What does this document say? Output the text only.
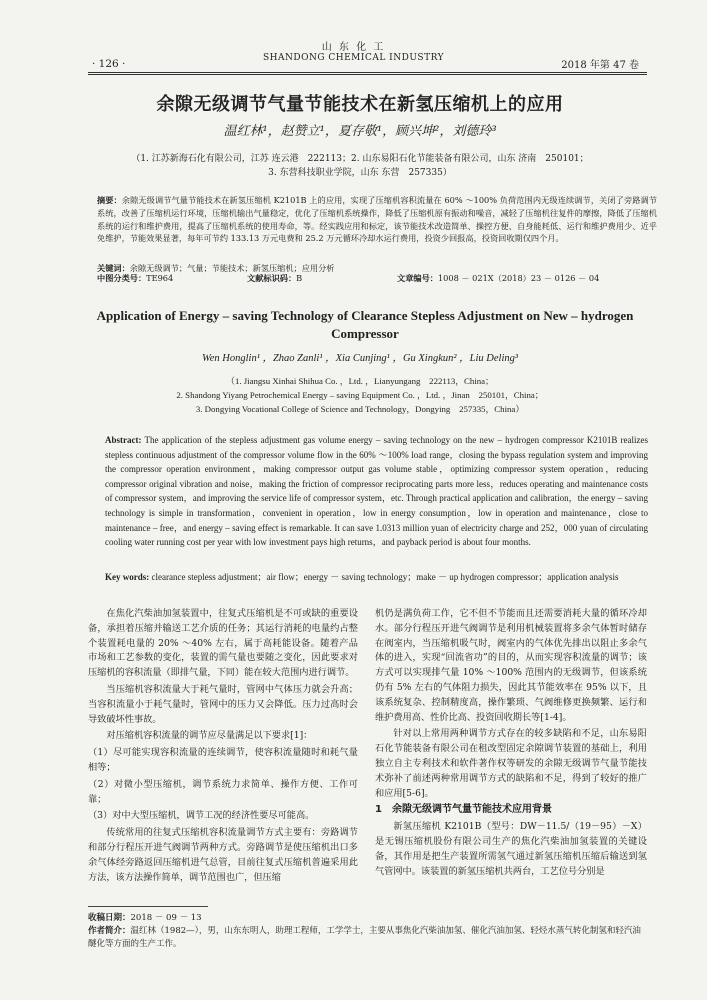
山 东 化 工
SHANDONG CHEMICAL INDUSTRY
· 126 ·	2018 年第 47 卷
余隙无级调节气量节能技术在新氢压缩机上的应用
温红林¹，赵赞立¹，夏存敬¹，顾兴坤²，刘德玲³
（1. 江苏新海石化有限公司，江苏 连云港　222113；2. 山东易阳石化节能装备有限公司，山东 济南　250101；
3. 东营科技职业学院，山东 东营　257335）
摘要：余隙无级调节气量节能技术在新氢压缩机 K2101B 上的应用，实现了压缩机容积流量在 60% ～100% 负荷范围内无级连续调节，关闭了旁路调节系统，改善了压缩机运行环境，压缩机输出气量稳定，优化了压缩机系统操作，降低了压缩机原有振动和噪音，减轻了压缩机往复件的摩擦，降低了压缩机系统的运行和维护费用，提高了压缩机系统的使用寿命，等。经实践应用和标定，该节能技术改造简单、操控方便、自身能耗低、运行和维护费用少、近乎免维护，节能效果显著，每年可节约 133.13 万元电费和 25.2 万元循环冷却水运行费用，投资少回报高，投资回收期仅四个月。
关键词：余隙无级调节；气量；节能技术；新氢压缩机；应用分析
中图分类号：TE964	文献标识码：B	文章编号：1008 － 021X（2018）23 － 0126 － 04
Application of Energy – saving Technology of Clearance Stepless Adjustment on New – hydrogen Compressor
Wen Honglin¹ ，Zhao Zanli¹ ，Xia Cunjing¹ ，Gu Xingkun² ，Liu Deling³
（1. Jiangsu Xinhai Shihua Co. ，Ltd. ，Lianyungang　222113，China；
2. Shandong Yiyang Petrochemical Energy – saving Equipment Co. ，Ltd. ，Jinan　250101，China；
3. Dongying Vocational College of Science and Technology，Dongying　257335，China）
Abstract: The application of the stepless adjustment gas volume energy – saving technology on the new – hydrogen compressor K2101B realizes stepless continuous adjustment of the compressor volume flow in the 60% ～100% load range，closing the bypass regulation system and improving the compressor operation environment，making compressor output gas volume stable，optimizing compressor system operation，reducing compressor original vibration and noise，making the friction of compressor reciprocating parts more less，reduces operating and maintenance costs of compressor system，and improving the service life of compressor system，etc. Through practical application and calibration，the energy – saving technology is simple in transformation，convenient in operation，low in energy consumption，low in operation and maintenance，close to maintenance – free，and energy – saving effect is remarkable. It can save 1.0313 million yuan of electricity charge and 252，000 yuan of circulating cooling water running cost per year with low investment pays high returns，and payback period is about four months.
Key words: clearance stepless adjustment；air flow；energy － saving technology；make － up hydrogen compressor；application analysis

在焦化汽柴油加氢装置中，往复式压缩机是不可或缺的重要设备，承担着压缩并输送工艺介质的任务；其运行消耗的电量约占整个装置耗电量的 20% ～40% 左右，属于高耗能设备。随着产品市场和工艺参数的变化，装置的需气量也要随之变化，因此要求对压缩机的容积流量（即排气量，下同）能在较大范围内进行调节。

当压缩机容积流量大于耗气量时，管网中气体压力就会升高；当容积流量小于耗气量时，管网中的压力又会降低。压力过高时会导致破坏性事故。

对压缩机容积流量的调节应尽量满足以下要求[1]：

（1）尽可能实现容积流量的连续调节，使容积流量随时和耗气量相等；

（2）对微小型压缩机，调节系统力求简单、操作方便、工作可靠；

（3）对中大型压缩机，调节工况的经济性要尽可能高。

传统常用的往复式压缩机容积流量调节方式主要有：旁路调节和部分行程压开进气阀调节两种方式。旁路调节是使压缩机出口多余气体经旁路返回压缩机进气总管，目前往复式压缩机普遍采用此方法，该方法操作简单，调节范围也广，但压缩

机仍是满负荷工作，它不但不节能而且还需要消耗大量的循环冷却水。部分行程压开进气阀调节是利用机械装置将多余气体暂时储存在阀室内，当压缩机吸气时，阀室内的气体优先排出以阻止多余气体的进入，实现“回流省功”的目的，从而实现容积流量的调节；该方式可以实现排气量 10% ～100% 范围内的无级调节，但该系统仍有 5% 左右的气体阻力损失，因此其节能效率在 95% 以下，且该系统复杂、控制精度高，操作繁琐、气阀维修更换频繁、运行和维护费用高、性价比高、投资回收期长等[1-4]。

针对以上常用两种调节方式存在的较多缺陷和不足，山东易阳石化节能装备有限公司在租改型固定余隙调节装置的基础上，利用独立自主专利技术和软件著作权等研发的余隙无级调节气量节能技术弥补了前述两种常用调节方式的缺陷和不足，得到了较好的推广和应用[5-6]。

1　余隙无级调节气量节能技术应用背景

新氢压缩机 K2101B（型号：DW－11.5/（19－95）－X）是无锡压缩机股份有限公司生产的焦化汽柴油加氢装置的关键设备，其作用是把生产装置所需氢气通过新氢压缩机压缩后输送到氢气管网中。该装置的新氢压缩机共两台，工艺位号分别是

收稿日期：2018 － 09 － 13
作者简介：温红林（1982—），男，山东东明人，助理工程师，工学学士，主要从事焦化汽柴油加氢、催化汽油加氢、轻烃水蒸气转化制氢和轻汽油醚化等方面的生产工作。
